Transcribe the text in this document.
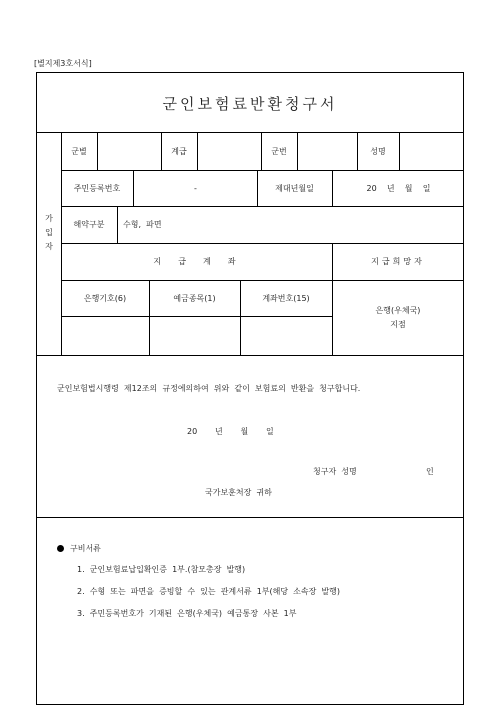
[별지제3호서식]
군인보험료반환청구서
가
입
자
군별	계급	군번	성명
주민등록번호	-	제대년월일	20    년    월    일
해약구분	수형,  파면
지  급  계  좌	지급희망자
은행기호(6)	예금종목(1)	계좌번호(15)
은행(우체국)
지점
군인보험법시행령  제12조의  규정에의하여  위와  같이  보험료의  반환을  청구합니다.
20       년       월       일
청구자  성명	인
국가보훈처장  귀하
구비서류
1.  군인보험료납입확인증  1부.(참모총장  발행)
2.  수형  또는  파면을  증빙할  수  있는  관계서류  1부(해당  소속장  발행)
3.  주민등록번호가  기재된  은행(우체국)  예금통장  사본  1부
